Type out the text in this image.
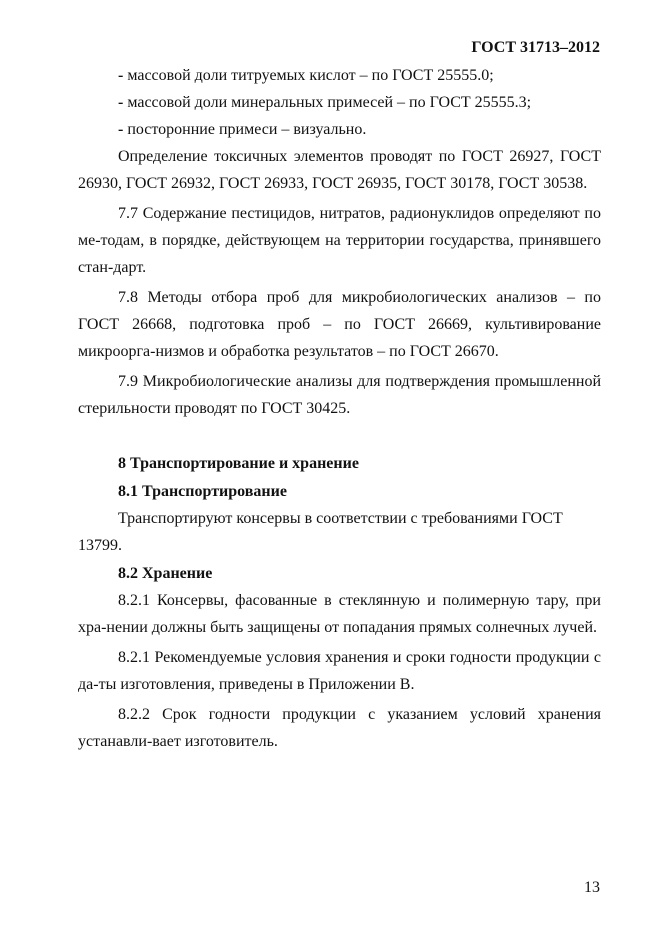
ГОСТ 31713–2012

- массовой доли титруемых кислот – по ГОСТ 25555.0;

- массовой доли минеральных примесей – по ГОСТ 25555.3;

- посторонние примеси – визуально.

Определение токсичных элементов проводят по ГОСТ 26927, ГОСТ 26930, ГОСТ 26932, ГОСТ 26933, ГОСТ 26935, ГОСТ 30178, ГОСТ 30538.

7.7 Содержание пестицидов, нитратов, радионуклидов определяют по ме-тодам, в порядке, действующем на территории государства, принявшего стан-дарт.

7.8 Методы отбора проб для микробиологических анализов – по ГОСТ 26668, подготовка проб – по ГОСТ 26669, культивирование микроорга-низмов и обработка результатов – по ГОСТ 26670.

7.9 Микробиологические анализы для подтверждения промышленной стерильности проводят по ГОСТ 30425.

8 Транспортирование и хранение

8.1 Транспортирование

Транспортируют консервы в соответствии с требованиями ГОСТ 13799.

8.2 Хранение

8.2.1 Консервы, фасованные в стеклянную и полимерную тару, при хра-нении должны быть защищены от попадания прямых солнечных лучей.

8.2.1 Рекомендуемые условия хранения и сроки годности продукции с да-ты изготовления, приведены в Приложении В.

8.2.2 Срок годности продукции с указанием условий хранения устанавли-вает изготовитель.

13
